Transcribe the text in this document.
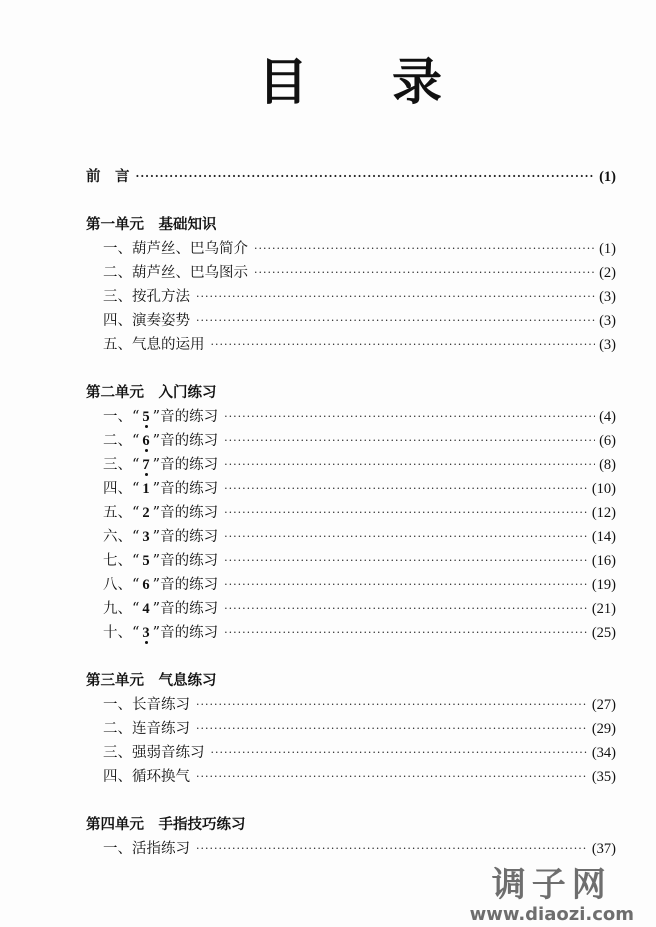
目 录
前　言 ·····	(1)
第一单元　基础知识
一、葫芦丝、巴乌简介 ·····	(1)
二、葫芦丝、巴乌图示 ·····	(2)
三、按孔方法 ·····	(3)
四、演奏姿势 ·····	(3)
五、气息的运用 ·····	(3)
第二单元　入门练习
一、“ 5 ”音的练习 ·····	(4)
二、“ 6 ”音的练习 ·····	(6)
三、“ 7 ”音的练习 ·····	(8)
四、“ 1 ”音的练习 ·····	(10)
五、“ 2 ”音的练习 ·····	(12)
六、“ 3 ”音的练习 ·····	(14)
七、“ 5 ”音的练习 ·····	(16)
八、“ 6 ”音的练习 ·····	(19)
九、“ 4 ”音的练习 ·····	(21)
十、“ 3 ”音的练习 ·····	(25)
第三单元　气息练习
一、长音练习 ·····	(27)
二、连音练习 ·····	(29)
三、强弱音练习 ·····	(34)
四、循环换气 ·····	(35)
第四单元　手指技巧练习
一、活指练习 ·····	(37)
调子网
www.diaozi.com
